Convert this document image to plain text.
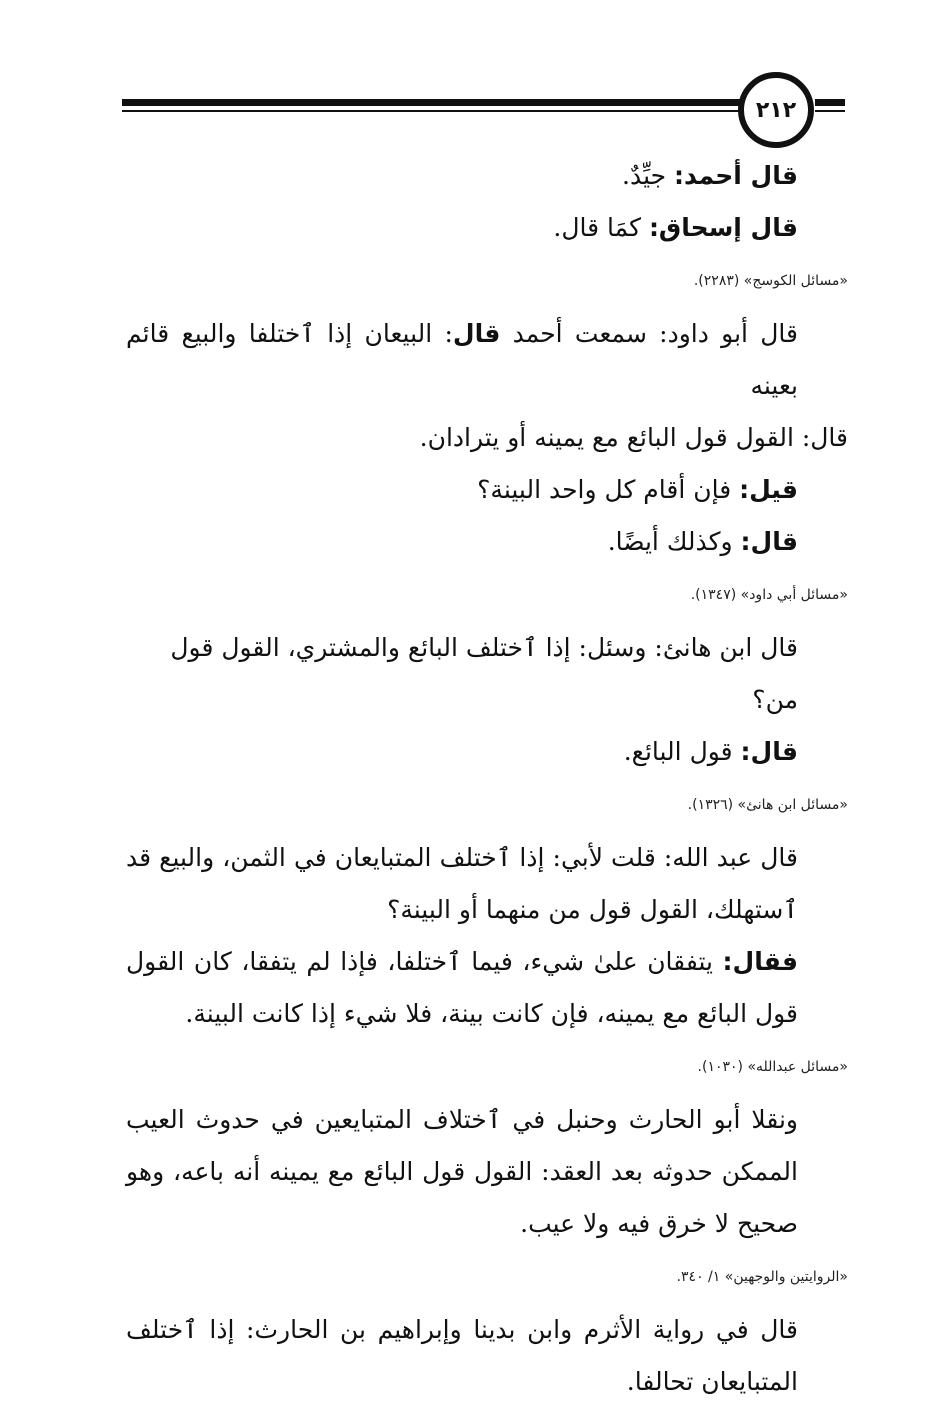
٢١٢

قال أحمد: جيِّدٌ.

قال إسحاق: كمَا قال.

«مسائل الكوسج» (٢٢٨٣).

قال أبو داود: سمعت أحمد قال: البيعان إذا ٱختلفا والبيع قائم بعينه

قال: القول قول البائع مع يمينه أو يترادان.

قيل: فإن أقام كل واحد البينة؟

قال: وكذلك أيضًا.

«مسائل أبي داود» (١٣٤٧).

قال ابن هانئ: وسئل: إذا ٱختلف البائع والمشتري، القول قول من؟

قال: قول البائع.

«مسائل ابن هانئ» (١٣٢٦).

قال عبد الله: قلت لأبي: إذا ٱختلف المتبايعان في الثمن، والبيع قد ٱستهلك، القول قول من منهما أو البينة؟

فقال: يتفقان علىٰ شيء، فيما ٱختلفا، فإذا لم يتفقا، كان القول قول البائع مع يمينه، فإن كانت بينة، فلا شيء إذا كانت البينة.

«مسائل عبدالله» (١٠٣٠).

ونقلا أبو الحارث وحنبل في ٱختلاف المتبايعين في حدوث العيب الممكن حدوثه بعد العقد: القول قول البائع مع يمينه أنه باعه، وهو صحيح لا خرق فيه ولا عيب.

«الروايتين والوجهين» ١/ ٣٤٠.

قال في رواية الأثرم وابن بدينا وإبراهيم بن الحارث: إذا ٱختلف المتبايعان تحالفا.
